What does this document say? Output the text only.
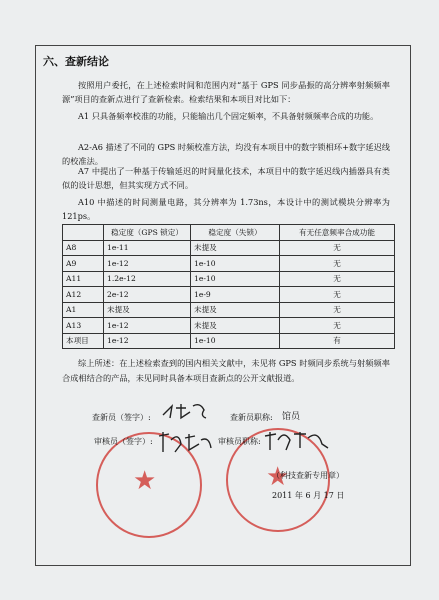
六、查新结论
按照用户委托，在上述检索时间和范围内对“基于 GPS 同步晶振的高分辨率射频频率源”项目的查新点进行了查新检索。检索结果和本项目对比如下：
A1 只具备频率校准的功能，只能输出几个固定频率，不具备射频频率合成的功能。
A2-A6 描述了不同的 GPS 时频校准方法，均没有本项目中的数字锁相环+数字延迟线的校准法。
A7 中提出了一种基于传输延迟的时间量化技术，本项目中的数字延迟线内插器具有类似的设计思想，但其实现方式不同。
A10 中描述的时间测量电路，其分辨率为 1.73ns，本设计中的测试模块分辨率为 121ps。
	稳定度（GPS 锁定）	稳定度（失锁）	有无任意频率合成功能
A8	1e-11	未提及	无
A9	1e-12	1e-10	无
A11	1.2e-12	1e-10	无
A12	2e-12	1e-9	无
A1	未提及	未提及	无
A13	1e-12	未提及	无
本项目	1e-12	1e-10	有
综上所述：在上述检索查到的国内相关文献中，未见将 GPS 时频同步系统与射频频率合成相结合的产品，未见同时具备本项目查新点的公开文献报道。
★	★
查新员（签字）:	查新员职称: 馆员
审核员（签字）:	审核员职称:
（科技查新专用章）
2011 年 6 月 17 日
